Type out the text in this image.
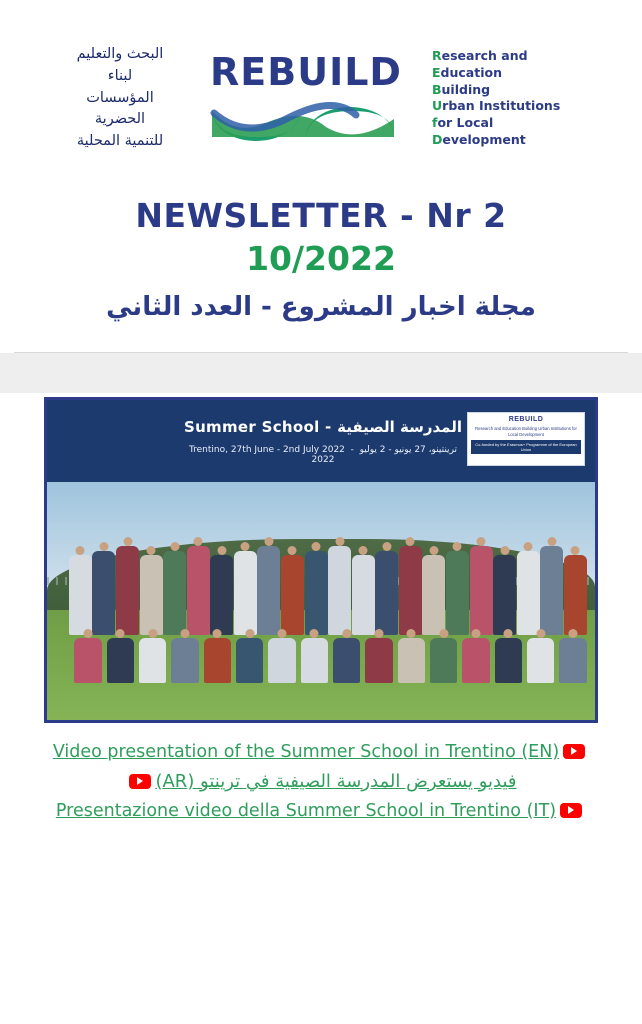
البحث والتعليم
لبناء
المؤسسات
الحضرية
للتنمية المحلية
REBUILD	Research and
Education
Building
Urban Institutions
for Local
Development
NEWSLETTER - Nr 2
10/2022
مجلة اخبار المشروع - العدد الثاني
Summer School - المدرسة الصيفية
Trentino, 27th June - 2nd July 2022  -  ترينتينو، 27 يونيو - 2 يوليو 2022
REBUILD
Research and Education Building Urban Institutions for Local Development
Co-funded by the Erasmus+ Programme of the European Union
Video presentation of the Summer School in Trentino (EN)
فيديو يستعرض المدرسة الصيفية في ترينتو (AR)
Presentazione video della Summer School in Trentino (IT)
